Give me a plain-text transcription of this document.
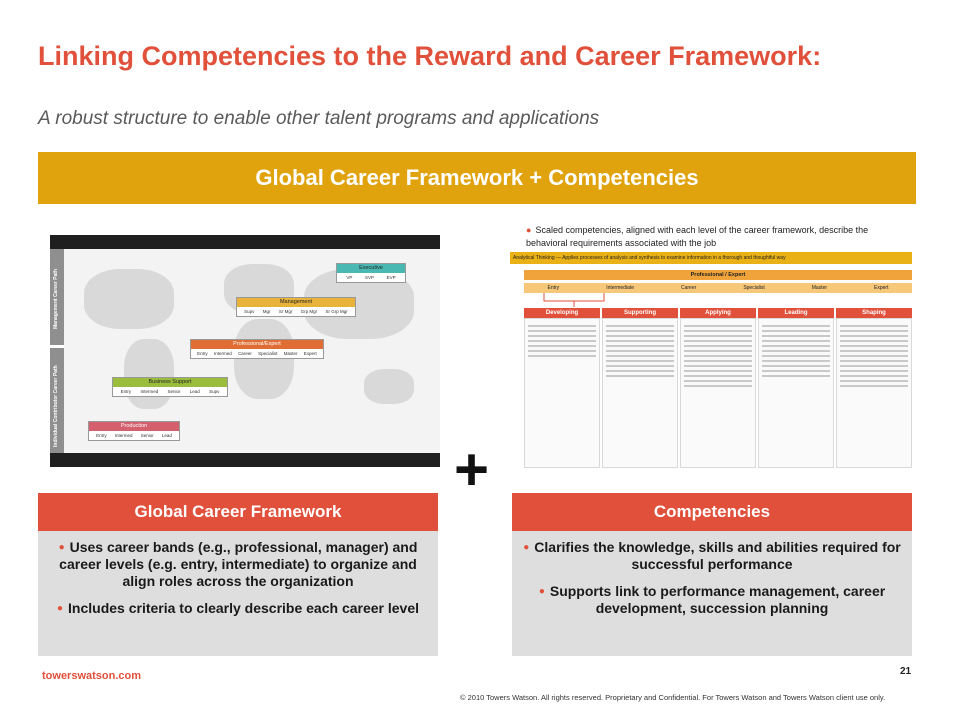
Linking Competencies to the Reward and Career Framework:
A robust structure to enable other talent programs and applications
Global Career Framework + Competencies
Management Career Path
Individual Contributor Career Path
Executive
VP	SVP	EVP
Management
Supv Mgr Sr Mgr Grp Mgr Sr Grp Mgr
Professional/Expert
Entry Intermed Career Specialist Master Expert
Business Support
Entry Intermed Senior Lead Supv
Production
Entry Intermed Senior Lead
● Scaled competencies, aligned with each level of the career framework, describe the behavioral requirements associated with the job
Analytical Thinking — Applies processes of analysis and synthesis to examine information in a thorough and thoughtful way
Professional / Expert
Entry	Intermediate	Career	Specialist	Master	Expert
Developing	Supporting	Applying	Leading	Shaping
+
Global Career Framework
● Uses career bands (e.g., professional, manager) and career levels (e.g. entry, intermediate) to organize and align roles across the organization
● Includes criteria to clearly describe each career level
Competencies
● Clarifies the knowledge, skills and abilities required for successful performance
● Supports link to performance management, career development, succession planning
towerswatson.com	21
© 2010 Towers Watson. All rights reserved. Proprietary and Confidential. For Towers Watson and Towers Watson client use only.
